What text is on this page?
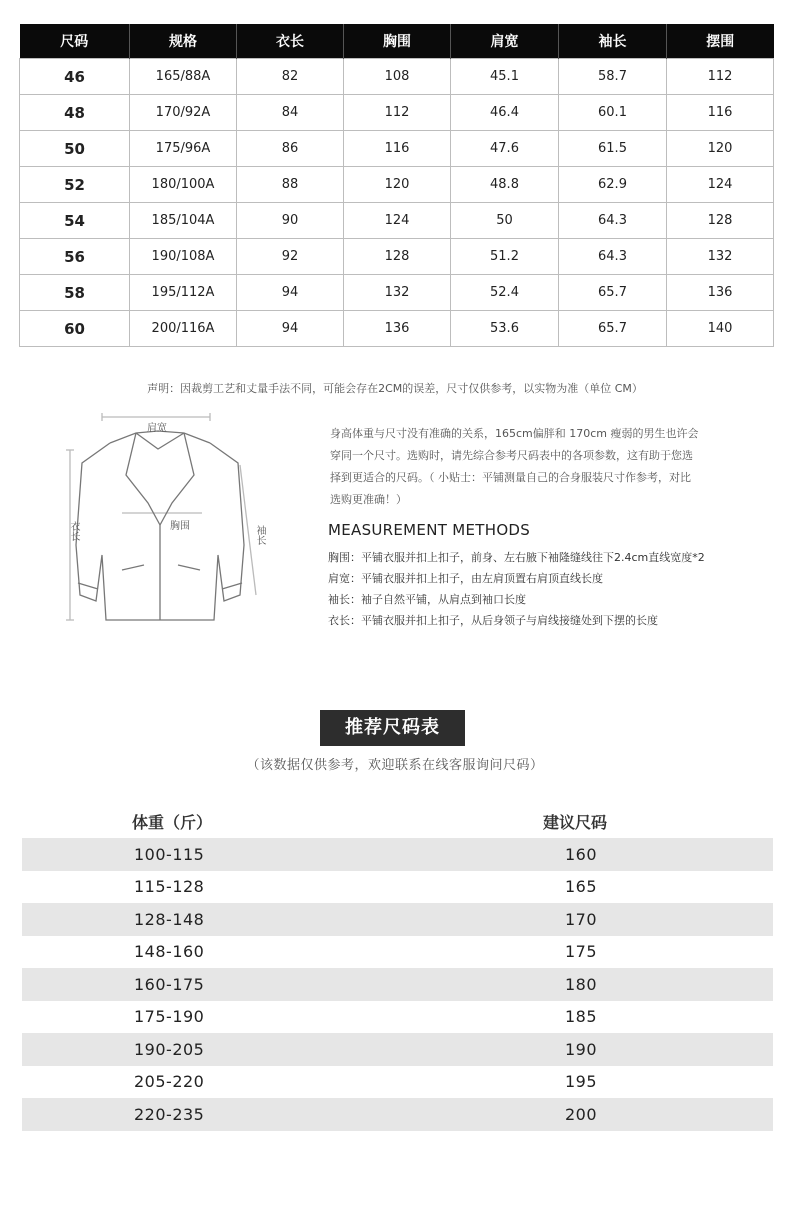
尺码	规格	衣长	胸围	肩宽	袖长	摆围
46	165/88A	82	108	45.1	58.7	112
48	170/92A	84	112	46.4	60.1	116
50	175/96A	86	116	47.6	61.5	120
52	180/100A	88	120	48.8	62.9	124
54	185/104A	90	124	50	64.3	128
56	190/108A	92	128	51.2	64.3	132
58	195/112A	94	132	52.4	65.7	136
60	200/116A	94	136	53.6	65.7	140
声明：因裁剪工艺和丈量手法不同，可能会存在2CM的误差，尺寸仅供参考，以实物为准（单位 CM）
肩宽
胸围
衣长	袖长
身高体重与尺寸没有准确的关系，165cm偏胖和 170cm 瘦弱的男生也许会
穿同一个尺寸。选购时，请先综合参考尺码表中的各项参数，这有助于您选
择到更适合的尺码。（ 小贴士：平铺测量自己的合身服装尺寸作参考，对比
选购更准确！）
MEASUREMENT METHODS
胸围：平铺衣服并扣上扣子，前身、左右腋下袖隆缝线往下2.4cm直线宽度*2
肩宽：平铺衣服并扣上扣子，由左肩顶置右肩顶直线长度
袖长：袖子自然平铺，从肩点到袖口长度
衣长：平铺衣服并扣上扣子，从后身领子与肩线接缝处到下摆的长度
推荐尺码表
（该数据仅供参考，欢迎联系在线客服询问尺码）
体重（斤）	建议尺码
100-115	160
115-128	165
128-148	170
148-160	175
160-175	180
175-190	185
190-205	190
205-220	195
220-235	200
